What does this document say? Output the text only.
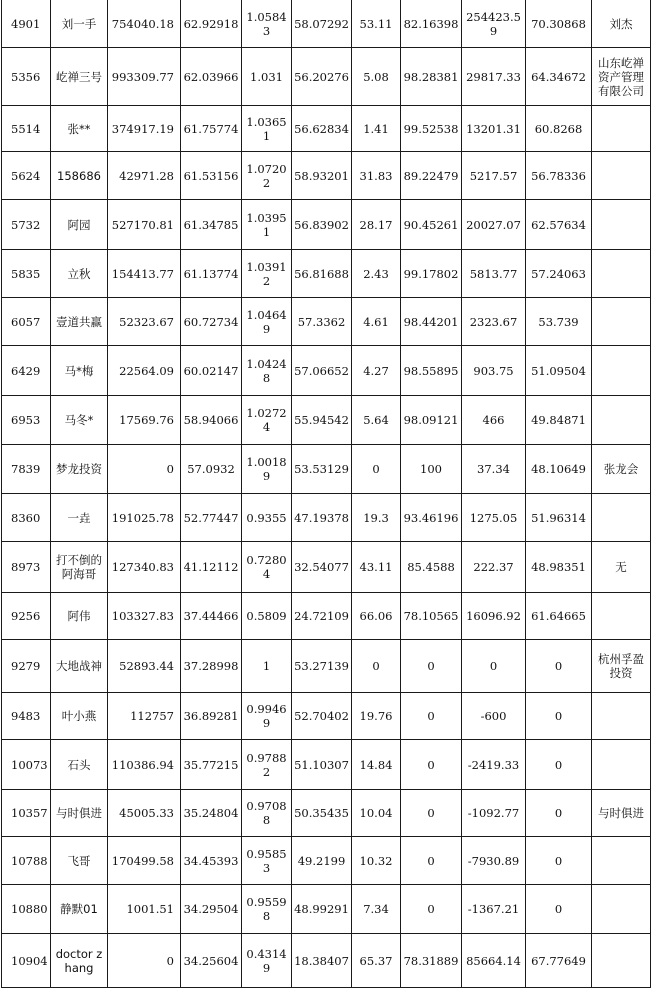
4901	刘一手	754040.18	62.92918	1.05843	58.07292	53.11	82.16398	254423.59	70.30868	刘杰
5356	屹禅三号	993309.77	62.03966	1.031	56.20276	5.08	98.28381	29817.33	64.34672	山东屹禅资产管理有限公司
5514	张**	374917.19	61.75774	1.03651	56.62834	1.41	99.52538	13201.31	60.8268	
5624	158686	42971.28	61.53156	1.07202	58.93201	31.83	89.22479	5217.57	56.78336	
5732	阿园	527170.81	61.34785	1.03951	56.83902	28.17	90.45261	20027.07	62.57634	
5835	立秋	154413.77	61.13774	1.03912	56.81688	2.43	99.17802	5813.77	57.24063	
6057	壹道共赢	52323.67	60.72734	1.04649	57.3362	4.61	98.44201	2323.67	53.739	
6429	马*梅	22564.09	60.02147	1.04248	57.06652	4.27	98.55895	903.75	51.09504	
6953	马冬*	17569.76	58.94066	1.02724	55.94542	5.64	98.09121	466	49.84871	
7839	梦龙投资	0	57.0932	1.00189	53.53129	0	100	37.34	48.10649	张龙会
8360	一垚	191025.78	52.77447	0.9355	47.19378	19.3	93.46196	1275.05	51.96314	
8973	打不倒的阿海哥	127340.83	41.12112	0.72804	32.54077	43.11	85.4588	222.37	48.98351	无
9256	阿伟	103327.83	37.44466	0.5809	24.72109	66.06	78.10565	16096.92	61.64665	
9279	大地战神	52893.44	37.28998	1	53.27139	0	0	0	0	杭州孚盈投资
9483	叶小燕	112757	36.89281	0.99469	52.70402	19.76	0	-600	0	
10073	石头	110386.94	35.77215	0.97882	51.10307	14.84	0	-2419.33	0	
10357	与时俱进	45005.33	35.24804	0.97088	50.35435	10.04	0	-1092.77	0	与时俱进
10788	飞哥	170499.58	34.45393	0.95853	49.2199	10.32	0	-7930.89	0	
10880	静默01	1001.51	34.29504	0.95598	48.99291	7.34	0	-1367.21	0	
10904	doctor zhang	0	34.25604	0.43149	18.38407	65.37	78.31889	85664.14	67.77649	
